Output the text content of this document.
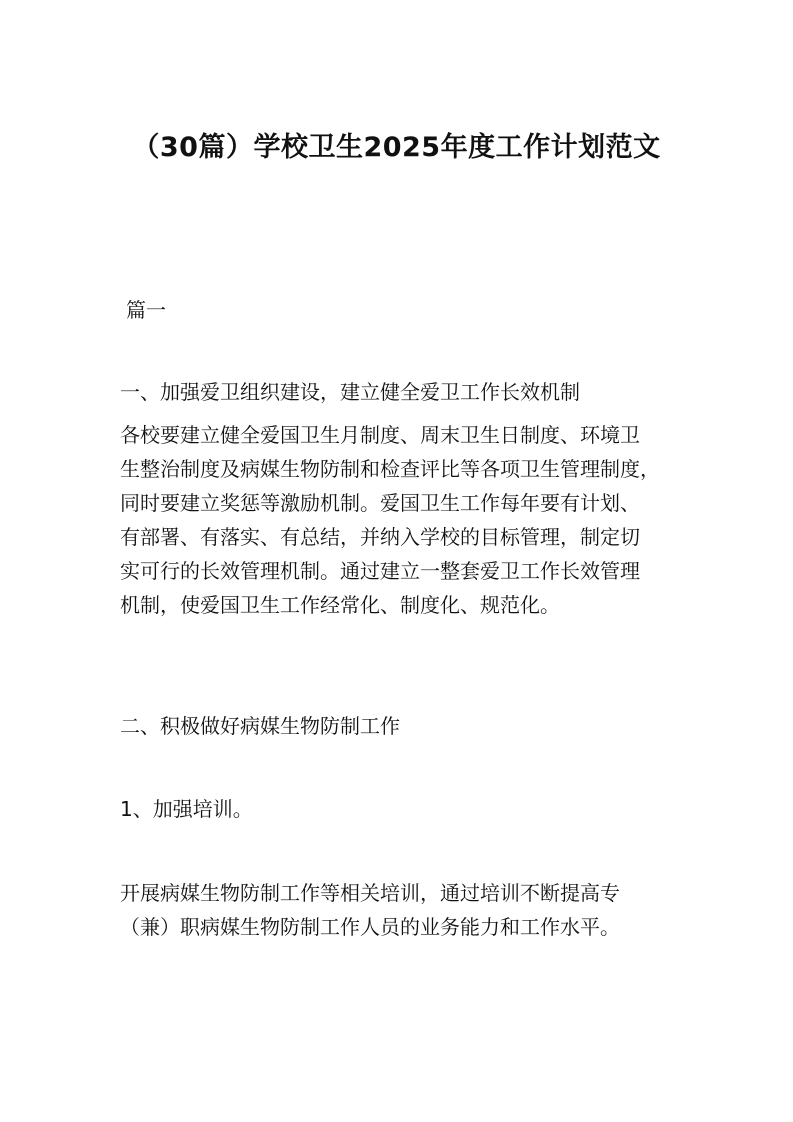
（30篇）学校卫生2025年度工作计划范文

篇一

一、加强爱卫组织建设，建立健全爱卫工作长效机制

各校要建立健全爱国卫生月制度、周末卫生日制度、环境卫
生整治制度及病媒生物防制和检查评比等各项卫生管理制度，
同时要建立奖惩等激励机制。爱国卫生工作每年要有计划、
有部署、有落实、有总结，并纳入学校的目标管理，制定切
实可行的长效管理机制。通过建立一整套爱卫工作长效管理
机制，使爱国卫生工作经常化、制度化、规范化。

二、积极做好病媒生物防制工作

1、加强培训。

开展病媒生物防制工作等相关培训，通过培训不断提高专
（兼）职病媒生物防制工作人员的业务能力和工作水平。
